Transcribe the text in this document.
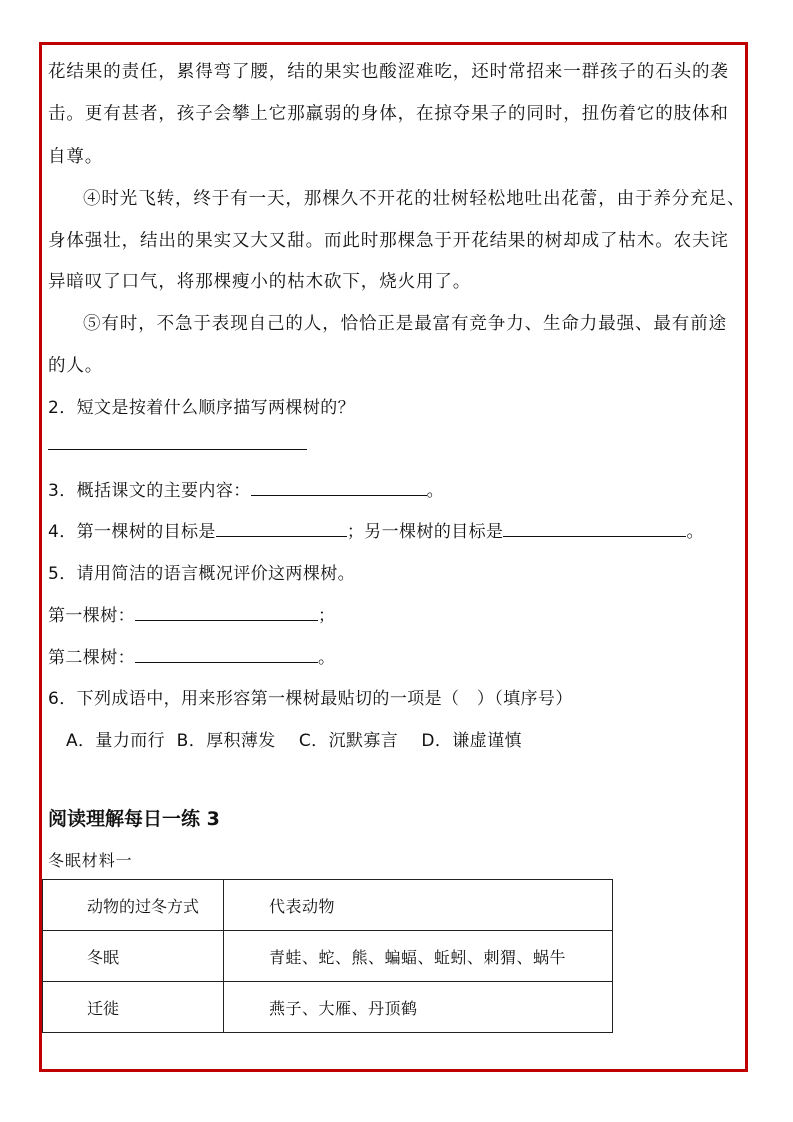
花结果的责任，累得弯了腰，结的果实也酸涩难吃，还时常招来一群孩子的石头的袭
击。更有甚者，孩子会攀上它那羸弱的身体，在掠夺果子的同时，扭伤着它的肢体和
自尊。
④时光飞转，终于有一天，那棵久不开花的壮树轻松地吐出花蕾，由于养分充足、
身体强壮，结出的果实又大又甜。而此时那棵急于开花结果的树却成了枯木。农夫诧
异暗叹了口气，将那棵瘦小的枯木砍下，烧火用了。
⑤有时，不急于表现自己的人，恰恰正是最富有竞争力、生命力最强、最有前途
的人。
2．短文是按着什么顺序描写两棵树的？
3．概括课文的主要内容：	。
4．第一棵树的目标是	；另一棵树的目标是	。
5．请用简洁的语言概况评价这两棵树。
第一棵树：	；
第二棵树：	。
6．下列成语中，用来形容第一棵树最贴切的一项是（　）（填序号）
A．量力而行  B．厚积薄发    C．沉默寡言    D．谦虚谨慎
阅读理解每日一练 3
冬眠材料一
动物的过冬方式	代表动物
冬眠	青蛙、蛇、熊、蝙蝠、蚯蚓、刺猬、蜗牛
迁徙	燕子、大雁、丹顶鹤
